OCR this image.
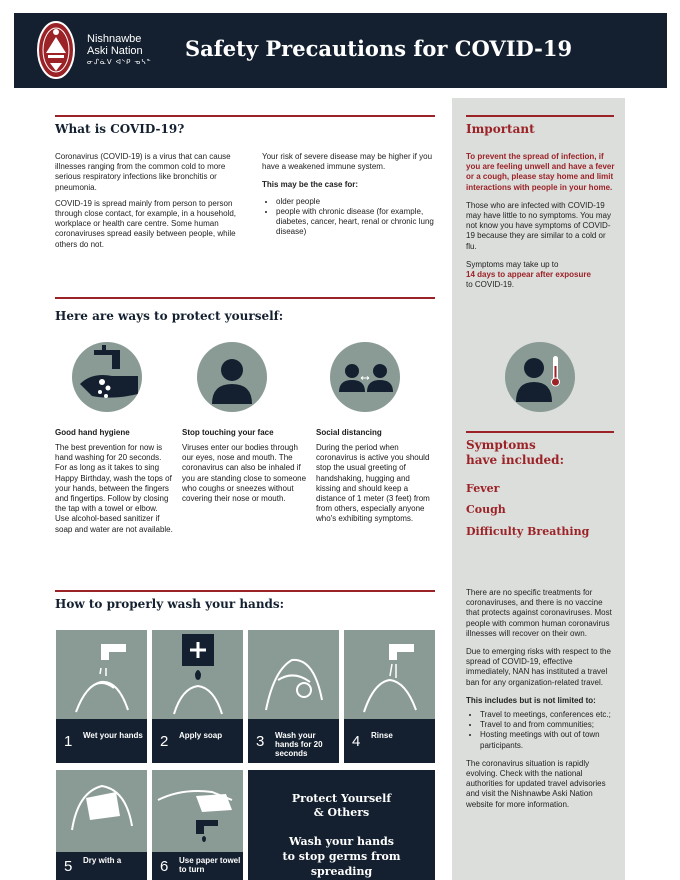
Nishnawbe
Aski Nation
ᓂᔑᓈᐯ ᐊᔅᑭ ᓀᓴᓐ
Safety Precautions for COVID-19
What is COVID-19?

Coronavirus (COVID-19) is a virus that can cause illnesses ranging from the common cold to more serious respiratory infections like bronchitis or pneumonia.

COVID-19 is spread mainly from person to person through close contact, for example, in a household, workplace or health care centre. Some human coronaviruses spread easily between people, while others do not.

Your risk of severe disease may be higher if you have a weakened immune system.

This may be the case for:

• older people
• people with chronic disease (for example, diabetes, cancer, heart, renal or chronic lung disease)
Here are ways to protect yourself:
Good hand hygiene
The best prevention for now is hand washing for 20 seconds. For as long as it takes to sing Happy Birthday, wash the tops of your hands, between the fingers and fingertips. Follow by closing the tap with a towel or elbow. Use alcohol-based sanitizer if soap and water are not available.
Stop touching your face
Viruses enter our bodies through our eyes, nose and mouth. The coronavirus can also be inhaled if you are standing close to someone who coughs or sneezes without covering their nose or mouth.
Social distancing
During the period when coronavirus is active you should stop the usual greeting of handshaking, hugging and kissing and should keep a distance of 1 meter (3 feet) from from others, especially anyone who's exhibiting symptoms.
How to properly wash your hands:
1 Wet your hands 2 Apply soap	3 Wash your hands for 20 seconds
4 Rinse
5 Dry with a	6 Use paper towel to turn
Protect Yourself
& Others
Wash your hands
to stop germs from
spreading
Important

To prevent the spread of infection, if you are feeling unwell and have a fever or a cough, please stay home and limit interactions with people in your home.

Those who are infected with COVID-19 may have little to no symptoms. You may not know you have symptoms of COVID-19 because they are similar to a cold or flu.

Symptoms may take up to
14 days to appear after exposure
to COVID-19.

Symptoms
have included:
Fever
Cough
Difficulty Breathing

There are no specific treatments for coronaviruses, and there is no vaccine that protects against coronaviruses. Most people with common human coronavirus illnesses will recover on their own.

Due to emerging risks with respect to the spread of COVID-19, effective immediately, NAN has instituted a travel ban for any organization-related travel.

This includes but is not limited to:

• Travel to meetings, conferences etc.;
• Travel to and from communities;
• Hosting meetings with out of town participants.

The coronavirus situation is rapidly evolving. Check with the national authorities for updated travel advisories and visit the Nishnawbe Aski Nation website for more information.
